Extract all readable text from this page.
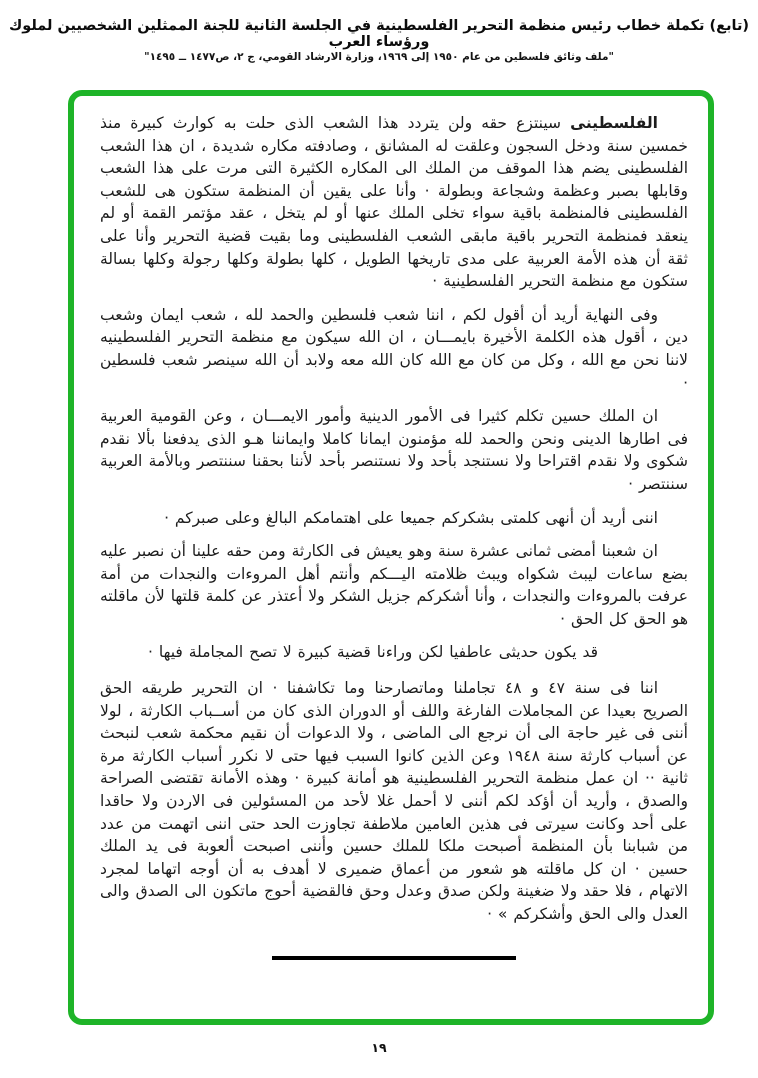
(تابع) تكملة خطاب رئيس منظمة التحرير الفلسطينية في الجلسة الثانية للجنة الممثلين الشخصيين لملوك ورؤساء العرب
"ملف وثائق فلسطين من عام ١٩٥٠ إلى ١٩٦٩، وزارة الارشاد القومي، ج ٢، ص١٤٧٧ ــ ١٤٩٥"

الفلسطينى سينتزع حقه ولن يتردد هذا الشعب الذى حلت به كوارث كبيرة منذ خمسين سنة ودخل السجون وعلقت له المشانق ، وصادفته مكاره شديدة ، ان هذا الشعب الفلسطينى يضم هذا الموقف من الملك الى المكاره الكثيرة التى مرت على هذا الشعب وقابلها بصبر وعظمة وشجاعة وبطولة · وأنا على يقين أن المنظمة ستكون هى للشعب الفلسطينى فالمنظمة باقية سواء تخلى الملك عنها أو لم يتخل ، عقد مؤتمر القمة أو لم ينعقد فمنظمة التحرير باقية مابقى الشعب الفلسطينى وما بقيت قضية التحرير وأنا على ثقة أن هذه الأمة العربية على مدى تاريخها الطويل ، كلها بطولة وكلها رجولة وكلها بسالة ستكون مع منظمة التحرير الفلسطينية ·

وفى النهاية أريد أن أقول لكم ، اننا شعب فلسطين والحمد لله ، شعب ايمان وشعب دين ، أقول هذه الكلمة الأخيرة بايمـــان ، ان الله سيكون مع منظمة التحرير الفلسطينيه لاننا نحن مع الله ، وكل من كان مع الله كان الله معه ولابد أن الله سينصر شعب فلسطين ·

ان الملك حسين تكلم كثيرا فى الأمور الدينية وأمور الايمـــان ، وعن القومية العربية فى اطارها الدينى ونحن والحمد لله مؤمنون ايمانا كاملا وايماننا هـو الذى يدفعنا بألا نقدم شكوى ولا نقدم اقتراحا ولا نستنجد بأحد ولا نستنصر بأحد لأننا بحقنا سننتصر وبالأمة العربية سننتصر ·

اننى أريد أن أنهى كلمتى بشكركم جميعا على اهتمامكم البالغ وعلى صبركم ·

ان شعبنا أمضى ثمانى عشرة سنة وهو يعيش فى الكارثة ومن حقه علينا أن نصبر عليه بضع ساعات ليبث شكواه ويبث ظلامته اليـــكم وأنتم أهل المروءات والنجدات من أمة عرفت بالمروءات والنجدات ، وأنا أشكركم جزيل الشكر ولا أعتذر عن كلمة قلتها لأن ماقلته هو الحق كل الحق ·

قد يكون حديثى عاطفيا لكن وراءنا قضية كبيرة لا تصح المجاملة فيها ·

اننا فى سنة ٤٧ و ٤٨ تجاملنا وماتصارحنا وما تكاشفنا · ان التحرير طريقه الحق الصريح بعيدا عن المجاملات الفارغة واللف أو الدوران الذى كان من أســباب الكارثة ، لولا أننى فى غير حاجة الى أن نرجع الى الماضى ، ولا الدعوات أن نقيم محكمة شعب لنبحث عن أسباب كارثة سنة ١٩٤٨ وعن الذين كانوا السبب فيها حتى لا نكرر أسباب الكارثة مرة ثانية ·· ان عمل منظمة التحرير الفلسطينية هو أمانة كبيرة · وهذه الأمانة تقتضى الصراحة والصدق ، وأريد أن أؤكد لكم أننى لا أحمل غلا لأحد من المسئولين فى الاردن ولا حاقدا على أحد وكانت سيرتى فى هذين العامين ملاطفة تجاوزت الحد حتى اننى اتهمت من عدد من شبابنا بأن المنظمة أصبحت ملكا للملك حسين وأننى اصبحت ألعوبة فى يد الملك حسين · ان كل ماقلته هو شعور من أعماق ضميرى لا أهدف به أن أوجه اتهاما لمجرد الاتهام ، فلا حقد ولا ضغينة ولكن صدق وعدل وحق فالقضية أحوج ماتكون الى الصدق والى العدل والى الحق وأشكركم » ·

١٩
